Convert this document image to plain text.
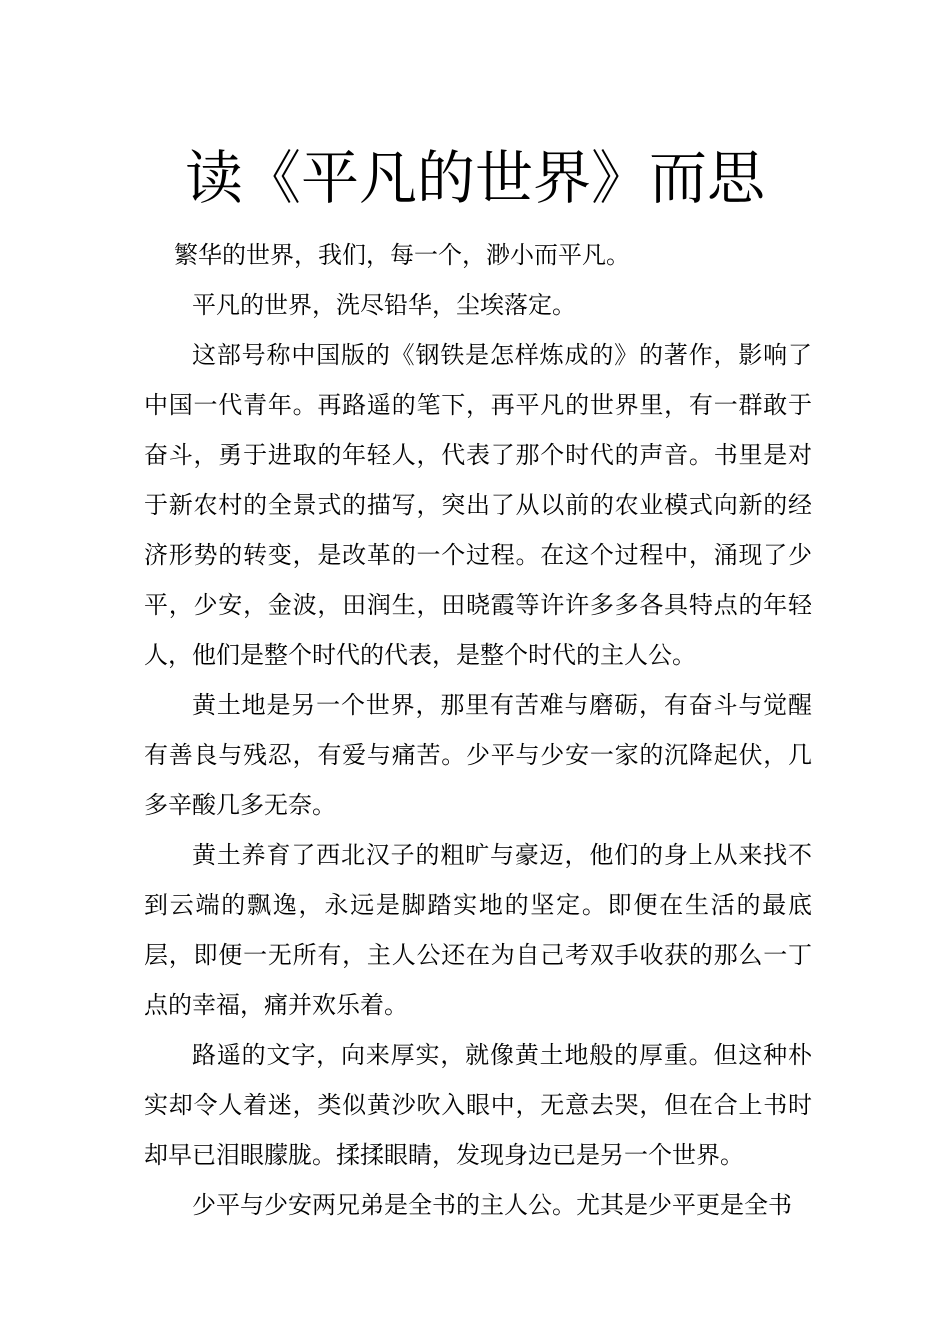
读《平凡的世界》而思

繁华的世界，我们，每一个，渺小而平凡。

平凡的世界，洗尽铅华，尘埃落定。

这部号称中国版的《钢铁是怎样炼成的》的著作，影响了中国一代青年。再路遥的笔下，再平凡的世界里，有一群敢于奋斗，勇于进取的年轻人，代表了那个时代的声音。书里是对于新农村的全景式的描写，突出了从以前的农业模式向新的经济形势的转变，是改革的一个过程。在这个过程中，涌现了少平，少安，金波，田润生，田晓霞等许许多多各具特点的年轻人，他们是整个时代的代表，是整个时代的主人公。

黄土地是另一个世界，那里有苦难与磨砺，有奋斗与觉醒有善良与残忍，有爱与痛苦。少平与少安一家的沉降起伏，几多辛酸几多无奈。

黄土养育了西北汉子的粗旷与豪迈，他们的身上从来找不到云端的飘逸，永远是脚踏实地的坚定。即便在生活的最底层，即便一无所有，主人公还在为自己考双手收获的那么一丁点的幸福，痛并欢乐着。

路遥的文字，向来厚实，就像黄土地般的厚重。但这种朴实却令人着迷，类似黄沙吹入眼中，无意去哭，但在合上书时却早已泪眼朦胧。揉揉眼睛，发现身边已是另一个世界。

少平与少安两兄弟是全书的主人公。尤其是少平更是全书
